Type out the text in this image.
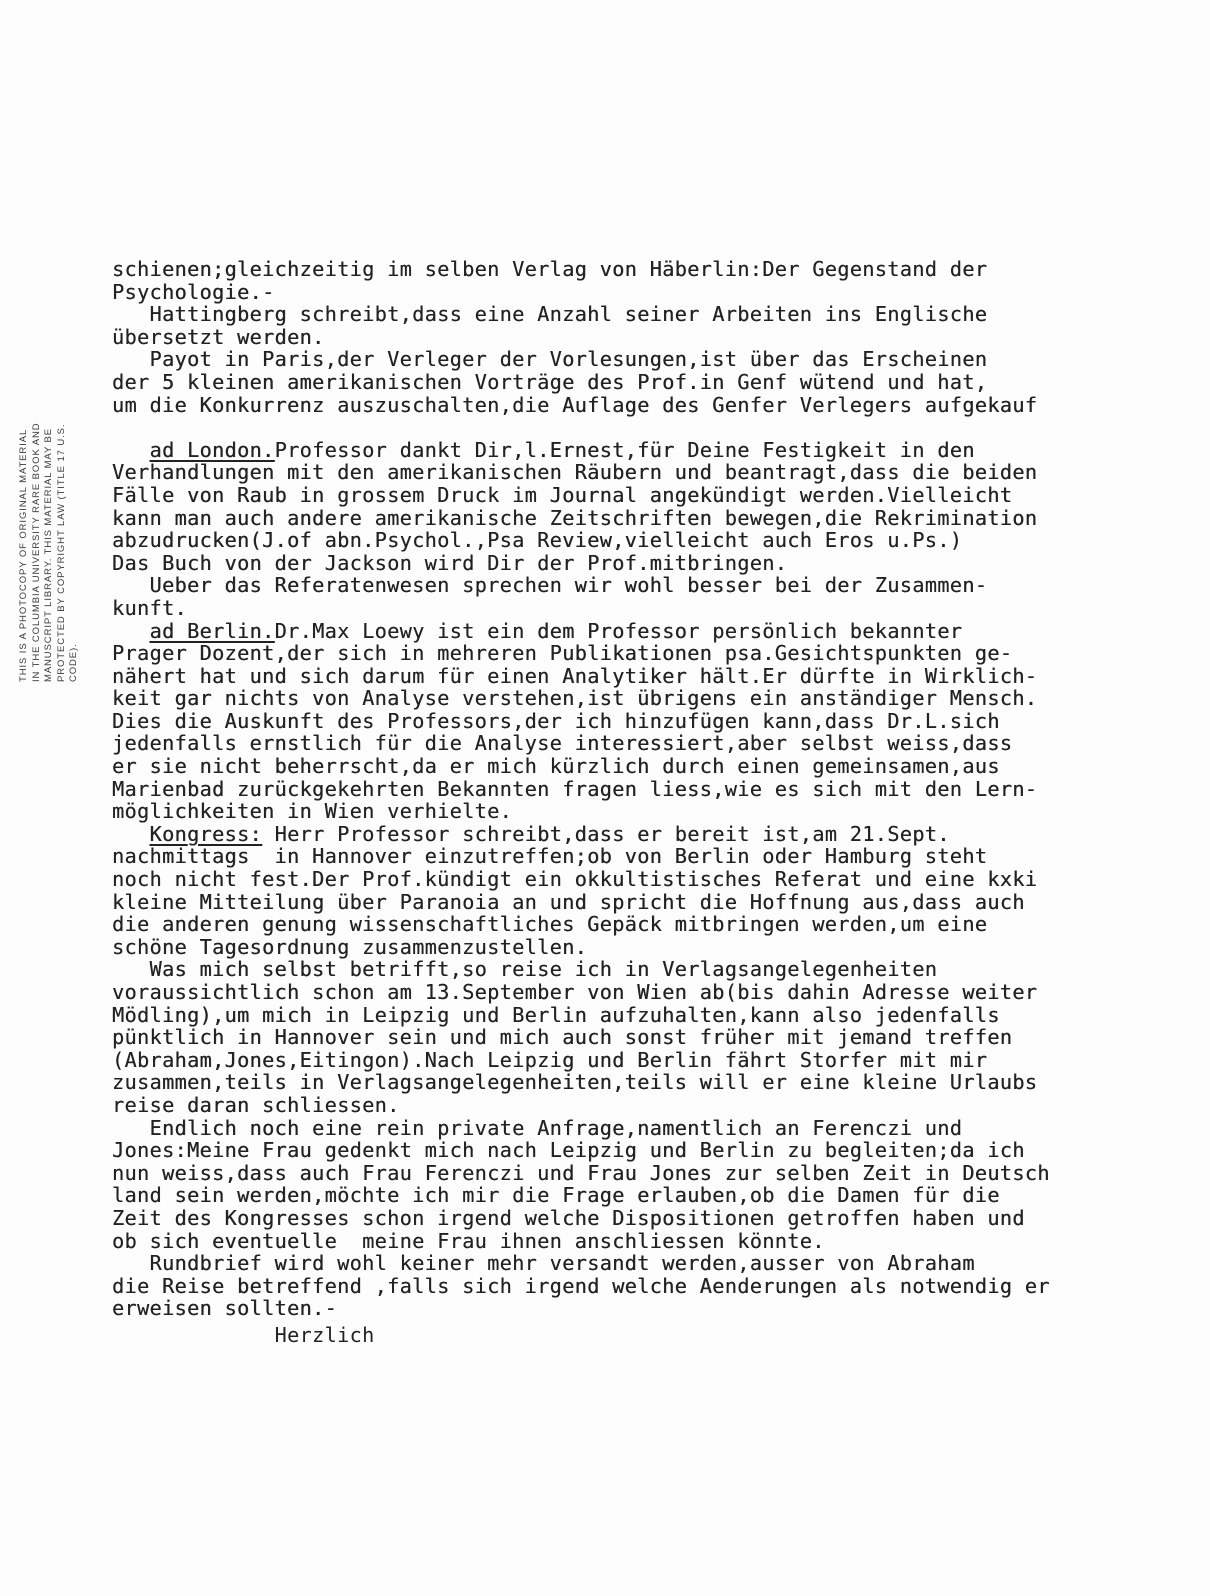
THIS IS A PHOTOCOPY OF ORIGINAL MATERIAL IN THE COLUMBIA UNIVERSITY RARE BOOK AND MANUSCRIPT LIBRARY. THIS MATERIAL MAY BE PROTECTED BY COPYRIGHT LAW (TITLE 17 U.S. CODE).
schienen;gleichzeitig im selben Verlag von Häberlin:Der Gegenstand der
Psychologie.-
Hattingberg schreibt,dass eine Anzahl seiner Arbeiten ins Englische
übersetzt werden.
Payot in Paris,der Verleger der Vorlesungen,ist über das Erscheinen
der 5 kleinen amerikanischen Vorträge des Prof.in Genf wütend und hat,
um die Konkurrenz auszuschalten,die Auflage des Genfer Verlegers aufgekauf
ad London.Professor dankt Dir,l.Ernest,für Deine Festigkeit in den
Verhandlungen mit den amerikanischen Räubern und beantragt,dass die beiden
Fälle von Raub in grossem Druck im Journal angekündigt werden.Vielleicht
kann man auch andere amerikanische Zeitschriften bewegen,die Rekrimination
abzudrucken(J.of abn.Psychol.,Psa Review,vielleicht auch Eros u.Ps.)
Das Buch von der Jackson wird Dir der Prof.mitbringen.
Ueber das Referatenwesen sprechen wir wohl besser bei der Zusammen-
kunft.
ad Berlin.Dr.Max Loewy ist ein dem Professor persönlich bekannter
Prager Dozent,der sich in mehreren Publikationen psa.Gesichtspunkten ge-
nähert hat und sich darum für einen Analytiker hält.Er dürfte in Wirklich-
keit gar nichts von Analyse verstehen,ist übrigens ein anständiger Mensch.
Dies die Auskunft des Professors,der ich hinzufügen kann,dass Dr.L.sich
jedenfalls ernstlich für die Analyse interessiert,aber selbst weiss,dass
er sie nicht beherrscht,da er mich kürzlich durch einen gemeinsamen,aus
Marienbad zurückgekehrten Bekannten fragen liess,wie es sich mit den Lern-
möglichkeiten in Wien verhielte.
Kongress: Herr Professor schreibt,dass er bereit ist,am 21.Sept.
nachmittags  in Hannover einzutreffen;ob von Berlin oder Hamburg steht
noch nicht fest.Der Prof.kündigt ein okkultistisches Referat und eine kxki
kleine Mitteilung über Paranoia an und spricht die Hoffnung aus,dass auch
die anderen genung wissenschaftliches Gepäck mitbringen werden,um eine
schöne Tagesordnung zusammenzustellen.
Was mich selbst betrifft,so reise ich in Verlagsangelegenheiten
voraussichtlich schon am 13.September von Wien ab(bis dahin Adresse weiter
Mödling),um mich in Leipzig und Berlin aufzuhalten,kann also jedenfalls
pünktlich in Hannover sein und mich auch sonst früher mit jemand treffen
(Abraham,Jones,Eitingon).Nach Leipzig und Berlin fährt Storfer mit mir
zusammen,teils in Verlagsangelegenheiten,teils will er eine kleine Urlaubs
reise daran schliessen.
Endlich noch eine rein private Anfrage,namentlich an Ferenczi und
Jones:Meine Frau gedenkt mich nach Leipzig und Berlin zu begleiten;da ich
nun weiss,dass auch Frau Ferenczi und Frau Jones zur selben Zeit in Deutsch
land sein werden,möchte ich mir die Frage erlauben,ob die Damen für die
Zeit des Kongresses schon irgend welche Dispositionen getroffen haben und
ob sich eventuelle  meine Frau ihnen anschliessen könnte.
Rundbrief wird wohl keiner mehr versandt werden,ausser von Abraham
die Reise betreffend ,falls sich irgend welche Aenderungen als notwendig er
erweisen sollten.-
Herzlich
